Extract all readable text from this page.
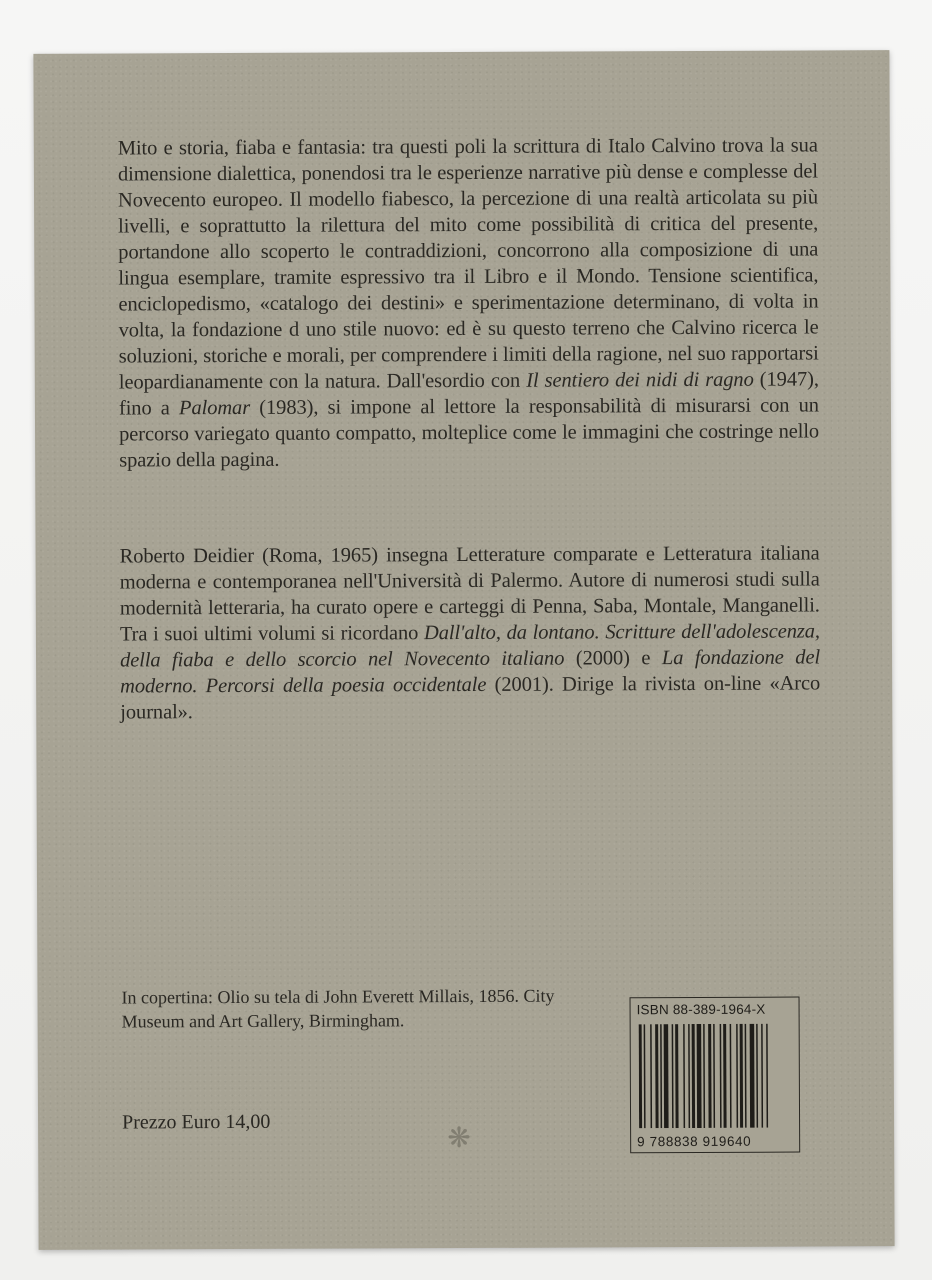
Mito e storia, fiaba e fantasia: tra questi poli la scrittura di Italo Calvino trova la sua dimensione dialettica, ponendosi tra le esperienze narrative più dense e complesse del Novecento europeo. Il modello fiabesco, la percezione di una realtà articolata su più livelli, e soprattutto la rilettura del mito come possibilità di critica del presente, portandone allo scoperto le contraddizioni, concorrono alla composizione di una lingua esemplare, tramite espressivo tra il Libro e il Mondo. Tensione scientifica, enciclopedismo, «catalogo dei destini» e sperimentazione determinano, di volta in volta, la fondazione d uno stile nuovo: ed è su questo terreno che Calvino ricerca le soluzioni, storiche e morali, per comprendere i limiti della ragione, nel suo rapportarsi leopardianamente con la natura. Dall'esordio con Il sentiero dei nidi di ragno (1947), fino a Palomar (1983), si impone al lettore la responsabilità di misurarsi con un percorso variegato quanto compatto, molteplice come le immagini che costringe nello spazio della pagina.

Roberto Deidier (Roma, 1965) insegna Letterature comparate e Letteratura italiana moderna e contemporanea nell'Università di Palermo. Autore di numerosi studi sulla modernità letteraria, ha curato opere e carteggi di Penna, Saba, Montale, Manganelli. Tra i suoi ultimi volumi si ricordano Dall'alto, da lontano. Scritture dell'adolescenza, della fiaba e dello scorcio nel Novecento italiano (2000) e La fondazione del moderno. Percorsi della poesia occidentale (2001). Dirige la rivista on-line «Arco journal».

In copertina: Olio su tela di John Everett Millais, 1856. City Museum and Art Gallery, Birmingham.
Prezzo Euro 14,00
❋
ISBN 88-389-1964-X
9 788838 919640
